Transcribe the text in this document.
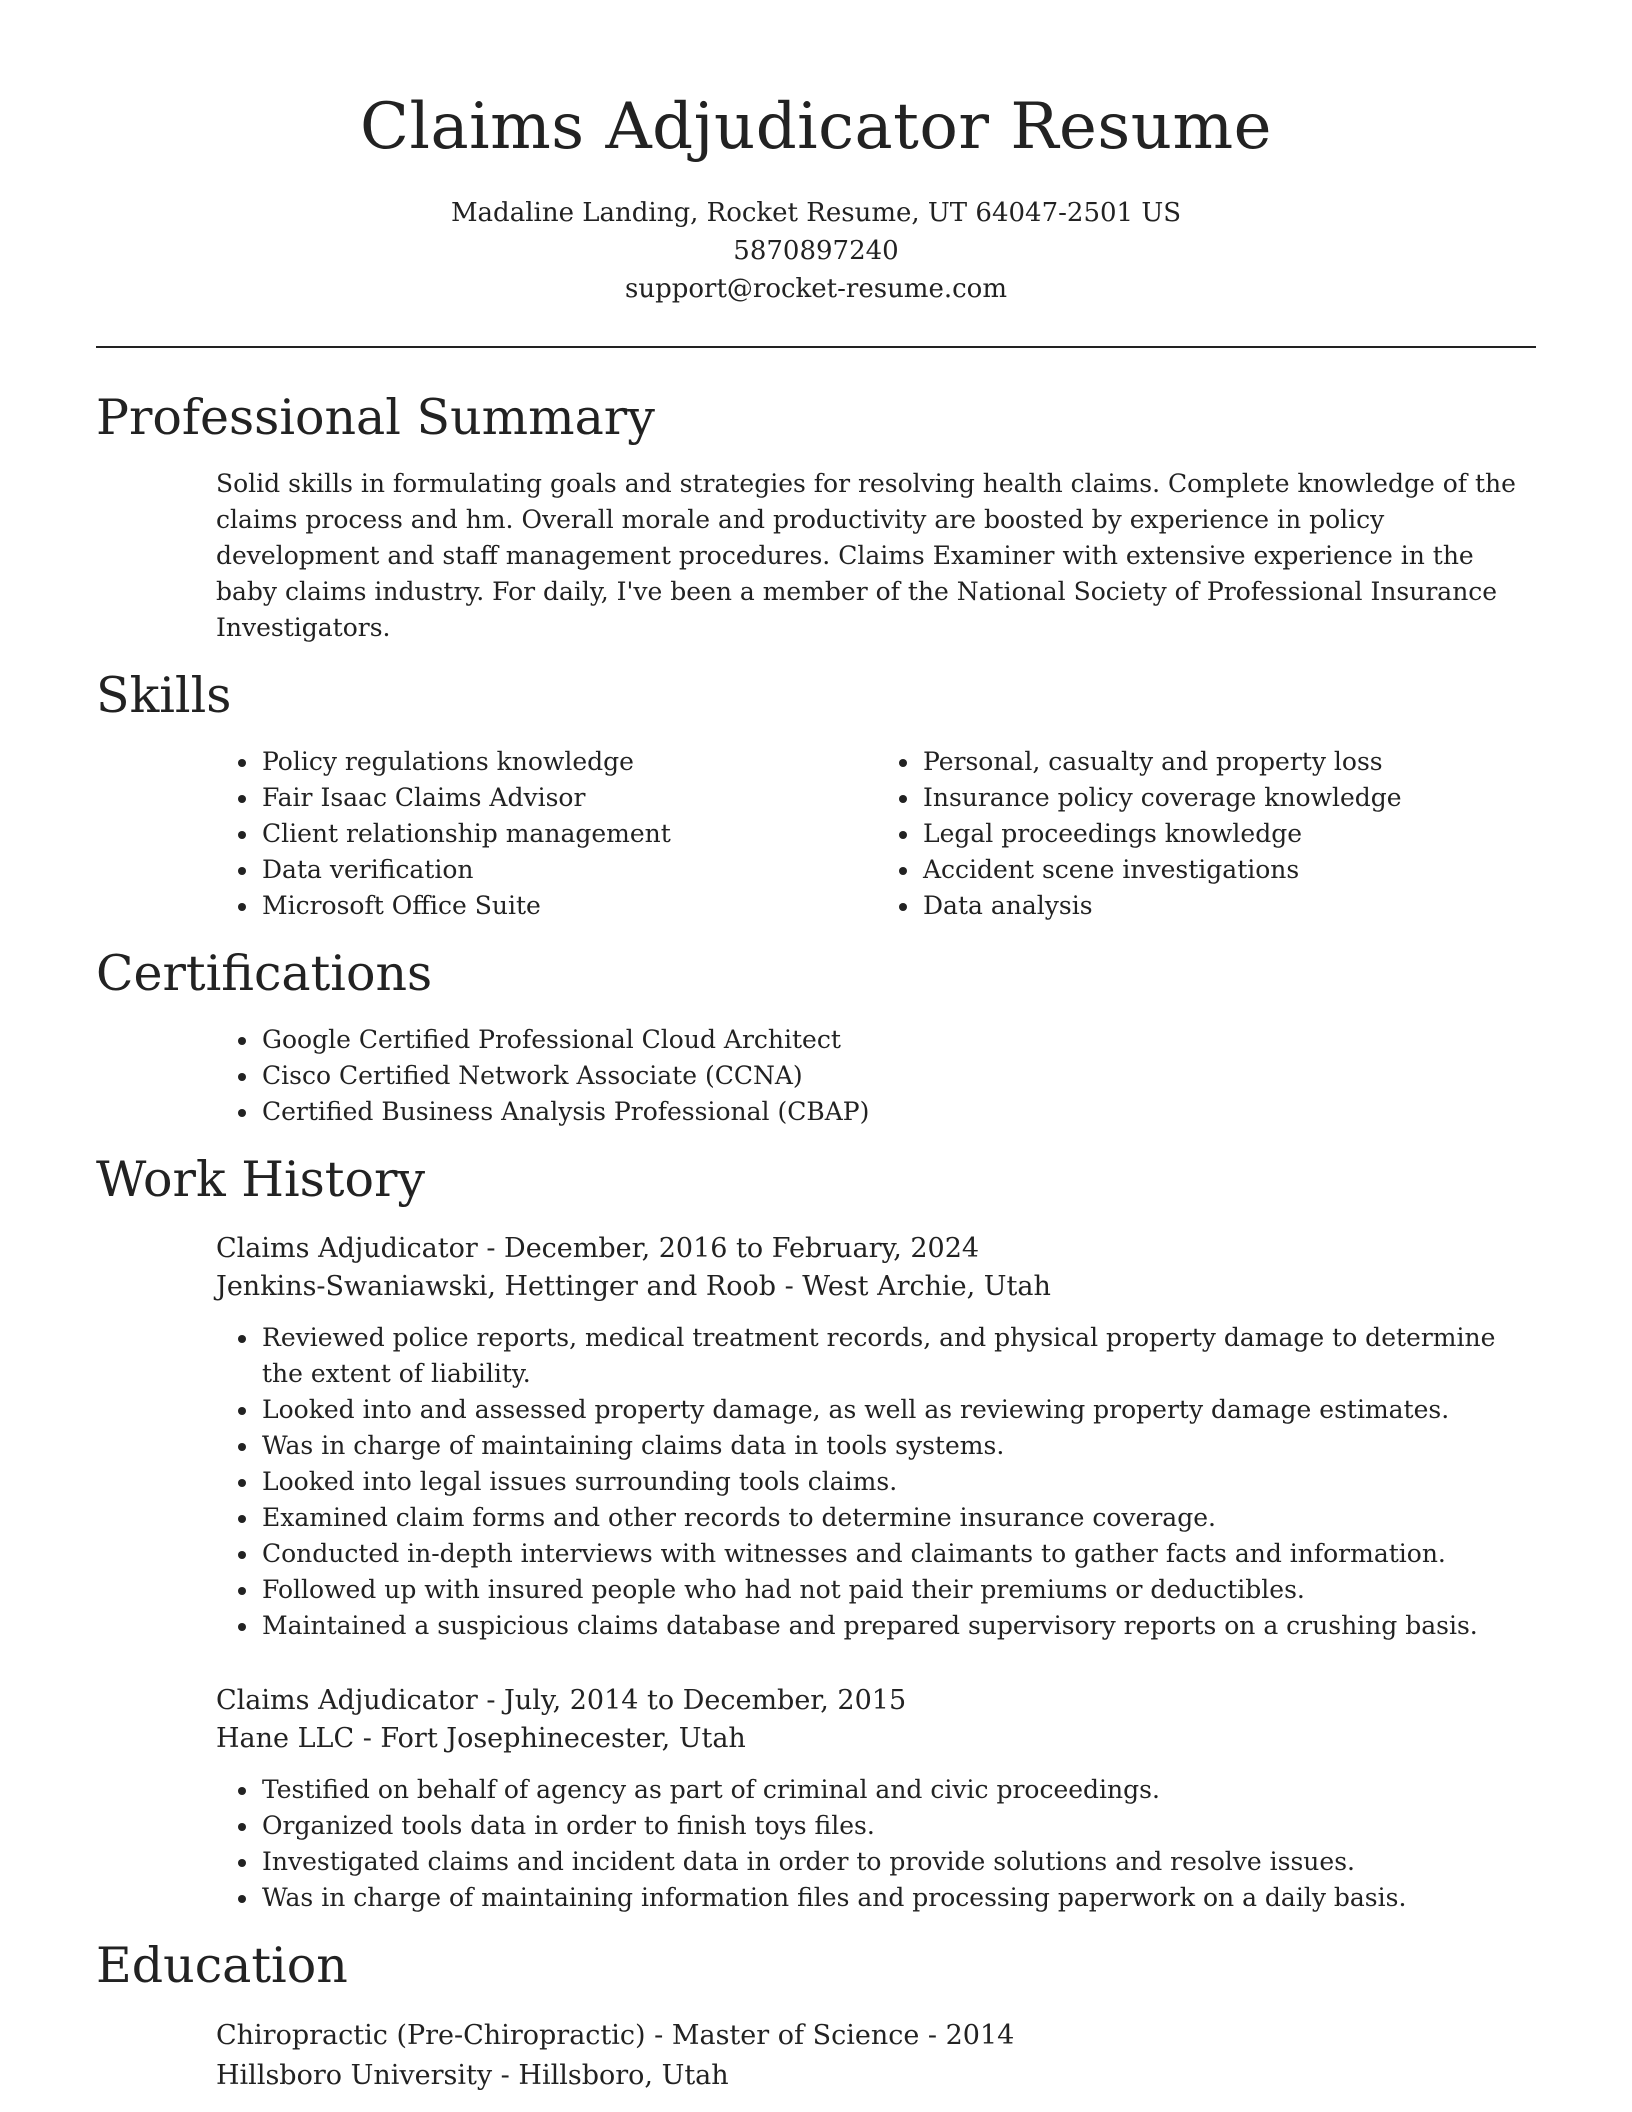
Claims Adjudicator Resume

Madaline Landing, Rocket Resume, UT 64047-2501 US

5870897240

support@rocket-resume.com

Professional Summary

Solid skills in formulating goals and strategies for resolving health claims. Complete knowledge of the claims process and hm. Overall morale and productivity are boosted by experience in policy development and staff management procedures. Claims Examiner with extensive experience in the baby claims industry. For daily, I've been a member of the National Society of Professional Insurance Investigators.

Skills
• Policy regulations knowledge
• Fair Isaac Claims Advisor
• Client relationship management
• Data verification
• Microsoft Office Suite
• Personal, casualty and property loss
• Insurance policy coverage knowledge
• Legal proceedings knowledge
• Accident scene investigations
• Data analysis
Certifications
• Google Certified Professional Cloud Architect
• Cisco Certified Network Associate (CCNA)
• Certified Business Analysis Professional (CBAP)
Work History
Claims Adjudicator - December, 2016 to February, 2024
Jenkins-Swaniawski, Hettinger and Roob - West Archie, Utah
• Reviewed police reports, medical treatment records, and physical property damage to determine the extent of liability.
• Looked into and assessed property damage, as well as reviewing property damage estimates.
• Was in charge of maintaining claims data in tools systems.
• Looked into legal issues surrounding tools claims.
• Examined claim forms and other records to determine insurance coverage.
• Conducted in-depth interviews with witnesses and claimants to gather facts and information.
• Followed up with insured people who had not paid their premiums or deductibles.
• Maintained a suspicious claims database and prepared supervisory reports on a crushing basis.
Claims Adjudicator - July, 2014 to December, 2015
Hane LLC - Fort Josephinecester, Utah
• Testified on behalf of agency as part of criminal and civic proceedings.
• Organized tools data in order to finish toys files.
• Investigated claims and incident data in order to provide solutions and resolve issues.
• Was in charge of maintaining information files and processing paperwork on a daily basis.
Education
Chiropractic (Pre-Chiropractic) - Master of Science - 2014
Hillsboro University - Hillsboro, Utah
